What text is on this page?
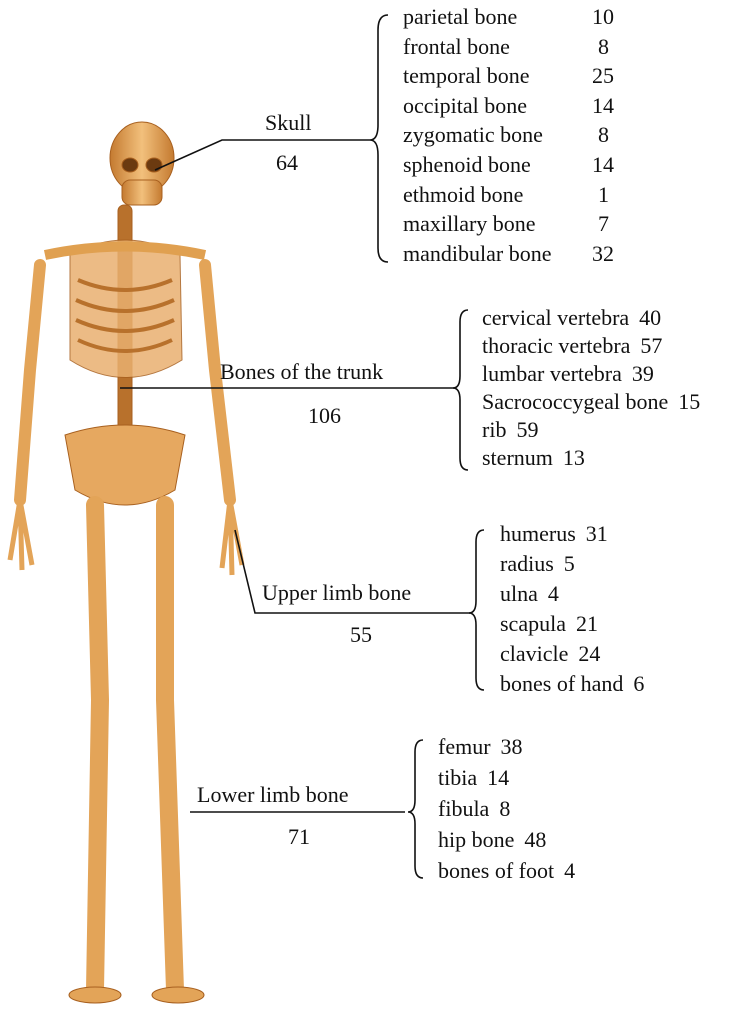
Skull
64
parietal bone	10
frontal bone	8
temporal bone	25
occipital bone	14
zygomatic bone	8
sphenoid bone	14
ethmoid bone	1
maxillary bone	7
mandibular bone 32
Bones of the trunk
106
cervical vertebra 40
thoracic vertebra 57
lumbar vertebra 39
Sacrococcygeal bone 15
rib 59
sternum 13
Upper limb bone
55
humerus 31
radius 5
ulna 4
scapula 21
clavicle 24
bones of hand 6
Lower limb bone
71
femur 38
tibia 14
fibula 8
hip bone 48
bones of foot 4
